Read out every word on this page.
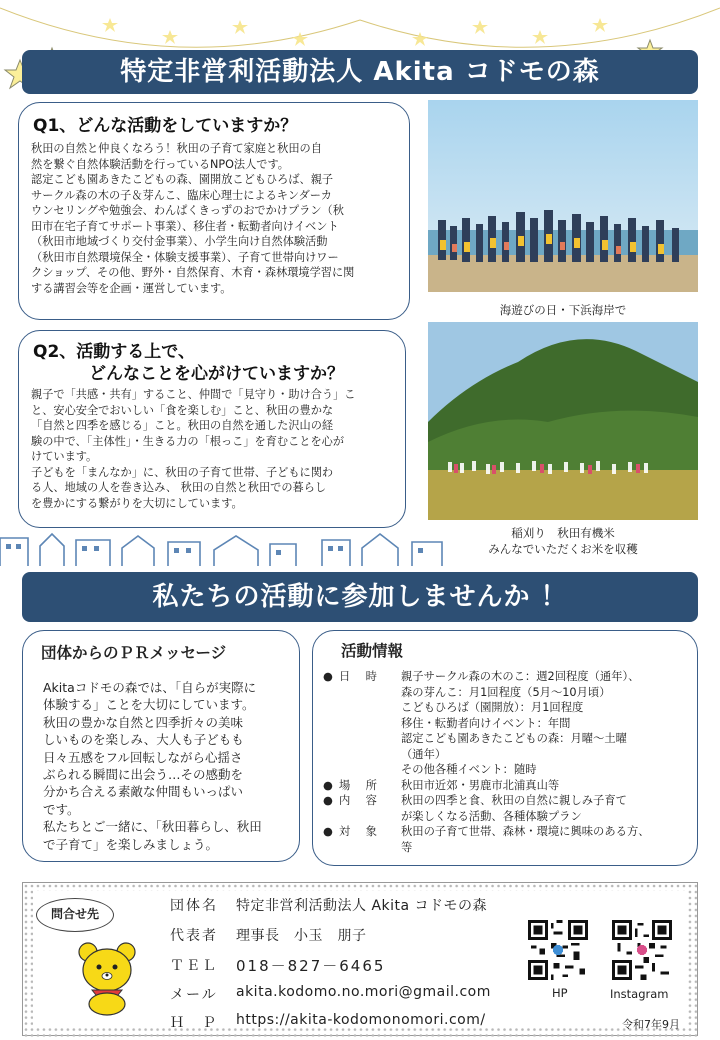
特定非営利活動法人 Akita コドモの森
Q1、どんな活動をしていますか？
秋田の自然と仲良くなろう！秋田の子育て家庭と秋田の自
然を繋ぐ自然体験活動を行っているNPO法人です。
認定こども園あきたこどもの森、園開放こどもひろば、親子
サークル森の木の子＆芽んこ、臨床心理士によるキンダーカ
ウンセリングや勉強会、わんぱくきっずのおでかけプラン（秋
田市在宅子育てサポート事業）、移住者・転勤者向けイベント
（秋田市地域づくり交付金事業）、小学生向け自然体験活動
（秋田市自然環境保全・体験支援事業）、子育て世帯向けワー
クショップ、その他、野外・自然保育、木育・森林環境学習に関
する講習会等を企画・運営しています。
海遊びの日・下浜海岸で
Q2、活動する上で、
どんなことを心がけていますか？
親子で「共感・共有」すること、仲間で「見守り・助け合う」こ
と、安心安全でおいしい「食を楽しむ」こと、秋田の豊かな
「自然と四季を感じる」こと。秋田の自然を通した沢山の経
験の中で、「主体性」・生きる力の「根っこ」を育むことを心が
けています。
子どもを「まんなか」に、秋田の子育て世帯、子どもに関わ
る人、地域の人を巻き込み、 秋田の自然と秋田での暮らし
を豊かにする繋がりを大切にしています。
稲刈り　秋田有機米
みんなでいただくお米を収穫
私たちの活動に参加しませんか ！
団体からのＰＲメッセージ
Akitaコドモの森では、「自らが実際に
体験する」ことを大切にしています。
秋田の豊かな自然と四季折々の美味
しいものを楽しみ、大人も子どもも
日々五感をフル回転しながら心揺さ
ぶられる瞬間に出会う…その感動を
分かち合える素敵な仲間もいっぱい
です。
私たちとご一緒に、「秋田暮らし、秋田
で子育て」を楽しみましょう。
活動情報
● 日　時	親子サークル森の木のこ：週2回程度（通年）、
森の芽んこ：月1回程度（5月～10月頃）
こどもひろば（園開放）：月1回程度
移住・転勤者向けイベント：年間
認定こども園あきたこどもの森：月曜～土曜
（通年）
その他各種イベント：随時
● 場　所	秋田市近郊・男鹿市北浦真山等
● 内　容	秋田の四季と食、秋田の自然に親しみ子育て
が楽しくなる活動、各種体験プラン
● 対　象	秋田の子育て世帯、森林・環境に興味のある方、
等
問合せ先	団体名	特定非営利活動法人 Akita コドモの森
代表者	理事長　小玉　朋子
ＴＥＬ	018－827－6465
メール	akita.kodomo.no.mori@gmail.com
Ｈ　Ｐ	https://akita-kodomonomori.com/
HP	Instagram
令和7年9月
